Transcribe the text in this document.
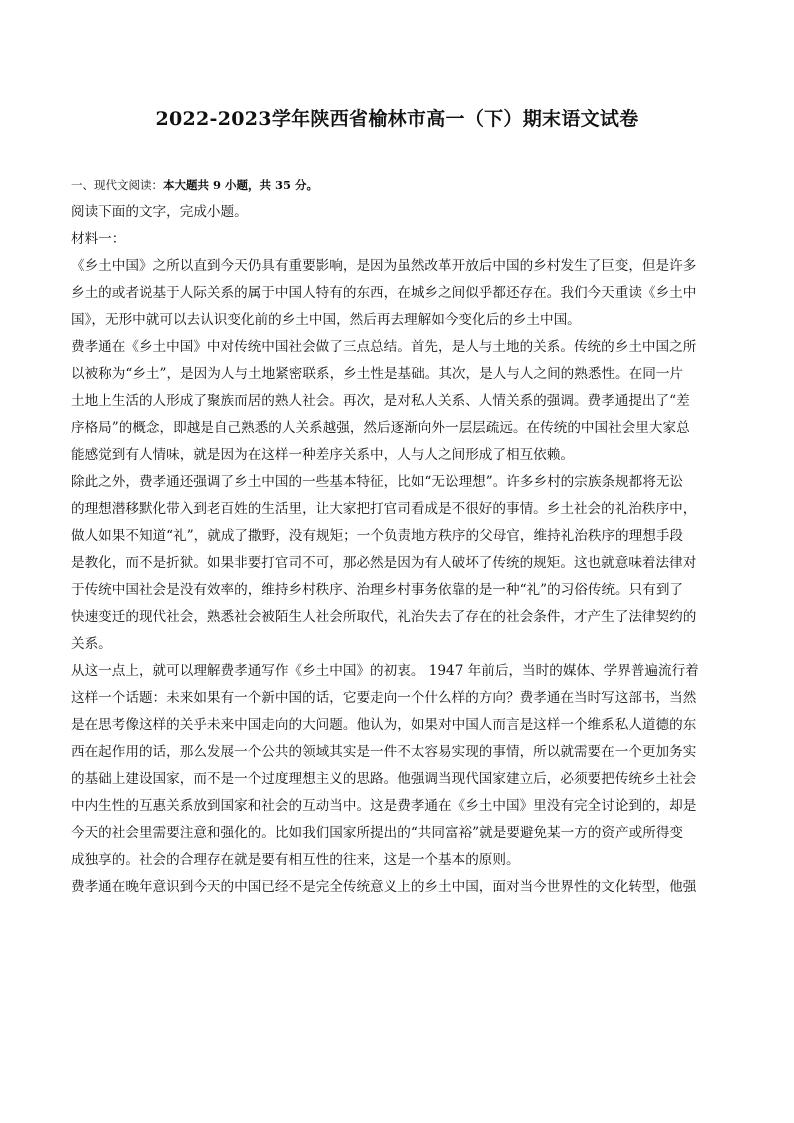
2022-2023学年陕西省榆林市高一（下）期末语文试卷
一、现代文阅读：本大题共 9 小题，共 35 分。
阅读下面的文字，完成小题。
材料一：
《乡土中国》之所以直到今天仍具有重要影响，是因为虽然改革开放后中国的乡村发生了巨变，但是许多
乡土的或者说基于人际关系的属于中国人特有的东西，在城乡之间似乎都还存在。我们今天重读《乡土中
国》，无形中就可以去认识变化前的乡土中国，然后再去理解如今变化后的乡土中国。
费孝通在《乡土中国》中对传统中国社会做了三点总结。首先，是人与土地的关系。传统的乡土中国之所
以被称为“乡土”，是因为人与土地紧密联系，乡土性是基础。其次，是人与人之间的熟悉性。在同一片
土地上生活的人形成了聚族而居的熟人社会。再次，是对私人关系、人情关系的强调。费孝通提出了“差
序格局”的概念，即越是自己熟悉的人关系越强，然后逐渐向外一层层疏远。在传统的中国社会里大家总
能感觉到有人情味，就是因为在这样一种差序关系中，人与人之间形成了相互依赖。
除此之外，费孝通还强调了乡土中国的一些基本特征，比如“无讼理想”。许多乡村的宗族条规都将无讼
的理想潜移默化带入到老百姓的生活里，让大家把打官司看成是不很好的事情。乡土社会的礼治秩序中，
做人如果不知道“礼”，就成了撒野，没有规矩；一个负责地方秩序的父母官，维持礼治秩序的理想手段
是教化，而不是折狱。如果非要打官司不可，那必然是因为有人破坏了传统的规矩。这也就意味着法律对
于传统中国社会是没有效率的，维持乡村秩序、治理乡村事务依靠的是一种“礼”的习俗传统。只有到了
快速变迁的现代社会，熟悉社会被陌生人社会所取代，礼治失去了存在的社会条件，才产生了法律契约的
关系。
从这一点上，就可以理解费孝通写作《乡土中国》的初衷。 1947 年前后，当时的媒体、学界普遍流行着
这样一个话题：未来如果有一个新中国的话，它要走向一个什么样的方向？费孝通在当时写这部书，当然
是在思考像这样的关乎未来中国走向的大问题。他认为，如果对中国人而言是这样一个维系私人道德的东
西在起作用的话，那么发展一个公共的领域其实是一件不太容易实现的事情，所以就需要在一个更加务实
的基础上建设国家，而不是一个过度理想主义的思路。他强调当现代国家建立后，必须要把传统乡土社会
中内生性的互惠关系放到国家和社会的互动当中。这是费孝通在《乡土中国》里没有完全讨论到的，却是
今天的社会里需要注意和强化的。比如我们国家所提出的“共同富裕”就是要避免某一方的资产或所得变
成独享的。社会的合理存在就是要有相互性的往来，这是一个基本的原则。
费孝通在晚年意识到今天的中国已经不是完全传统意义上的乡土中国，面对当今世界性的文化转型，他强
